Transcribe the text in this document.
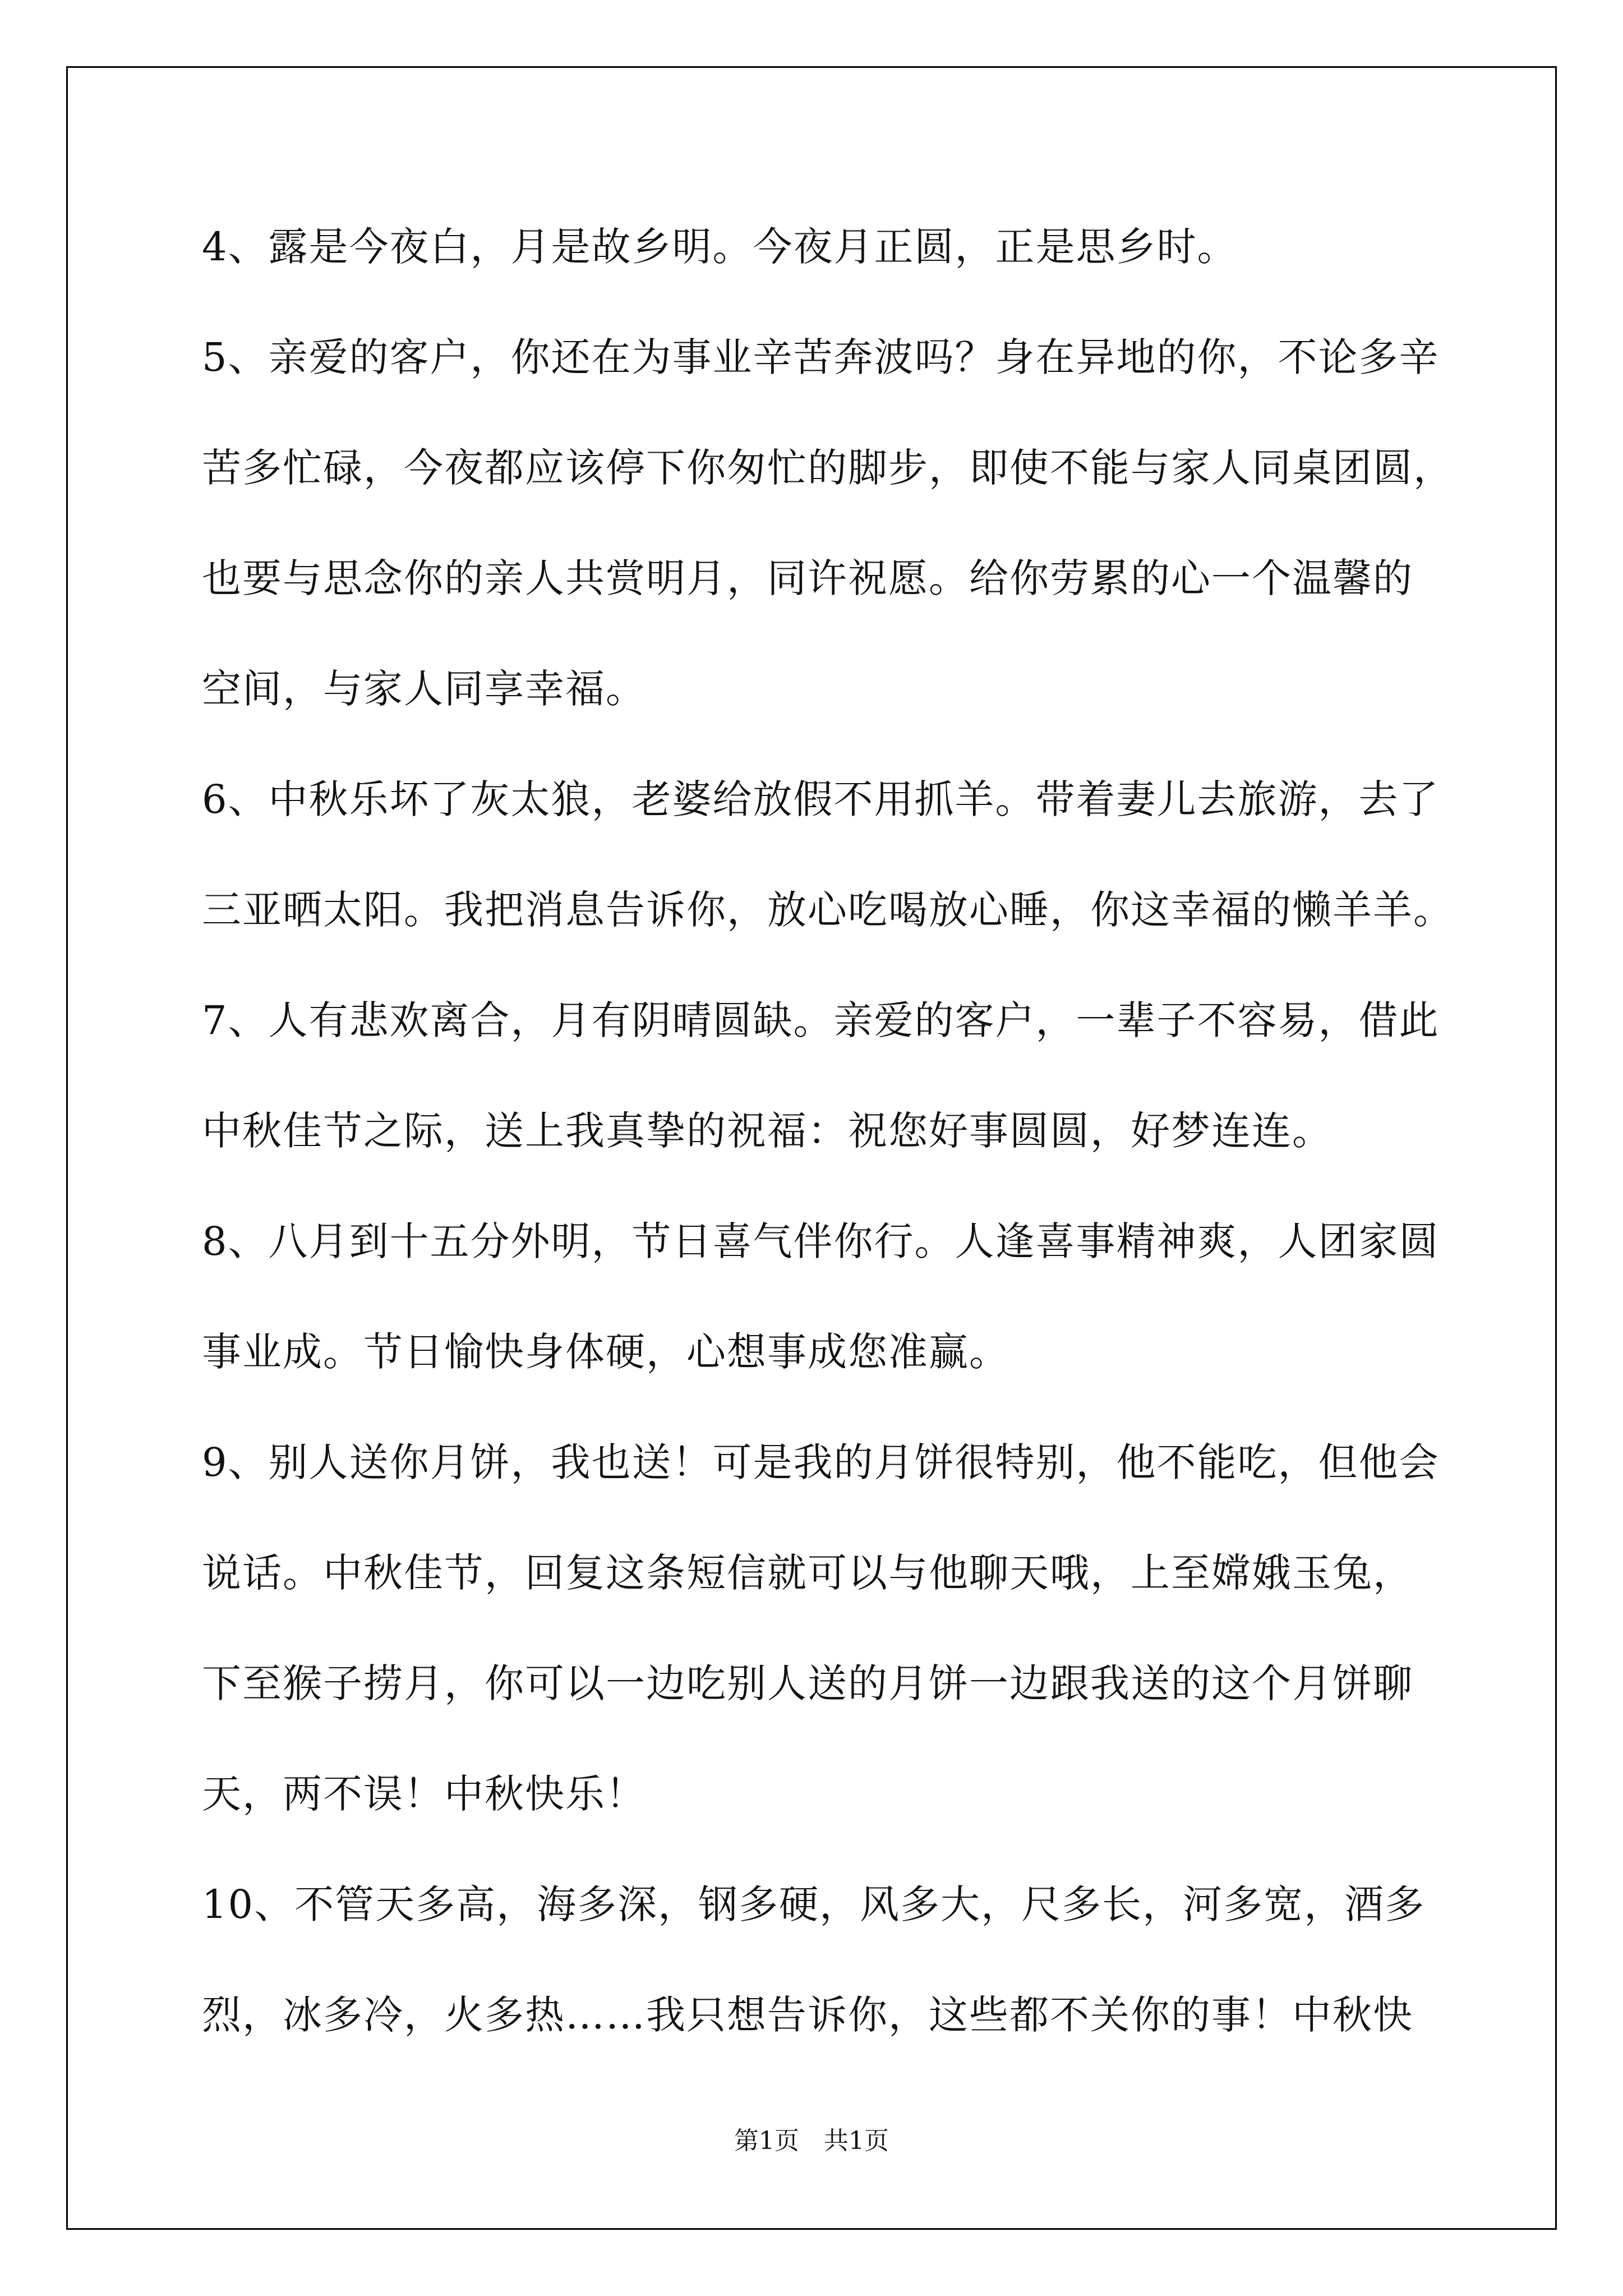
4、露是今夜白，月是故乡明。今夜月正圆，正是思乡时。
5、亲爱的客户，你还在为事业辛苦奔波吗？身在异地的你，不论多辛
苦多忙碌，今夜都应该停下你匆忙的脚步，即使不能与家人同桌团圆，
也要与思念你的亲人共赏明月，同许祝愿。给你劳累的心一个温馨的
空间，与家人同享幸福。
6、中秋乐坏了灰太狼，老婆给放假不用抓羊。带着妻儿去旅游，去了
三亚晒太阳。我把消息告诉你，放心吃喝放心睡，你这幸福的懒羊羊。
7、人有悲欢离合，月有阴晴圆缺。亲爱的客户，一辈子不容易，借此
中秋佳节之际，送上我真挚的祝福：祝您好事圆圆，好梦连连。
8、八月到十五分外明，节日喜气伴你行。人逢喜事精神爽，人团家圆
事业成。节日愉快身体硬，心想事成您准赢。
9、别人送你月饼，我也送！可是我的月饼很特别，他不能吃，但他会
说话。中秋佳节，回复这条短信就可以与他聊天哦，上至嫦娥玉兔，
下至猴子捞月，你可以一边吃别人送的月饼一边跟我送的这个月饼聊
天，两不误！中秋快乐！
10、不管天多高，海多深，钢多硬，风多大，尺多长，河多宽，酒多
烈，冰多冷，火多热……我只想告诉你，这些都不关你的事！中秋快
第1页　共1页
